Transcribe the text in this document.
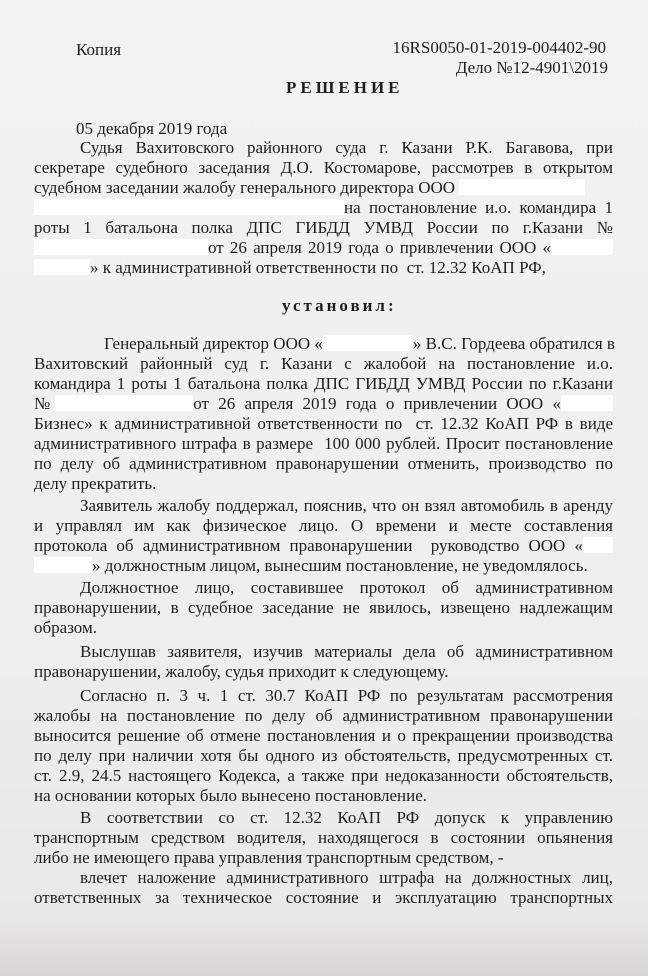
Копия	16RS0050-01-2019-004402-90
Дело №12-4901\2019
РЕШЕНИЕ
05 декабря 2019 года
Судья Вахитовского районного суда г. Казани Р.К. Багавова, при
секретаре судебного заседания Д.О. Костомарове, рассмотрев в открытом
судебном заседании жалобу генерального директора ООО
на постановление и.о. командира 1
роты 1 батальона полка ДПС ГИБДД УМВД России по г.Казани №
от 26 апреля 2019 года о привлечении ООО «
» к административной ответственности по  ст. 12.32 КоАП РФ,
установил:
Генеральный директор ООО «	» В.С. Гордеева обратился в
Вахитовский районный суд г. Казани с жалобой на постановление и.о.
командира 1 роты 1 батальона полка ДПС ГИБДД УМВД России по г.Казани
№	от 26 апреля 2019 года о привлечении ООО «
Бизнес» к административной ответственности по  ст. 12.32 КоАП РФ в виде
административного штрафа в размере  100 000 рублей. Просит постановление
по делу об административном правонарушении отменить, производство по
делу прекратить.
Заявитель жалобу поддержал, пояснив, что он взял автомобиль в аренду
и управлял им как физическое лицо. О времени и месте составления
протокола об административном правонарушении  руководство ООО «
» должностным лицом, вынесшим постановление, не уведомлялось.
Должностное лицо, составившее протокол об административном
правонарушении, в судебное заседание не явилось, извещено надлежащим
образом.
Выслушав заявителя, изучив материалы дела об административном
правонарушении, жалобу, судья приходит к следующему.
Согласно п. 3 ч. 1 ст. 30.7 КоАП РФ по результатам рассмотрения
жалобы на постановление по делу об административном правонарушении
выносится решение об отмене постановления и о прекращении производства
по делу при наличии хотя бы одного из обстоятельств, предусмотренных ст.
ст. 2.9, 24.5 настоящего Кодекса, а также при недоказанности обстоятельств,
на основании которых было вынесено постановление.
В соответствии со ст. 12.32 КоАП РФ допуск к управлению
транспортным средством водителя, находящегося в состоянии опьянения
либо не имеющего права управления транспортным средством, -
влечет наложение административного штрафа на должностных лиц,
ответственных за техническое состояние и эксплуатацию транспортных
